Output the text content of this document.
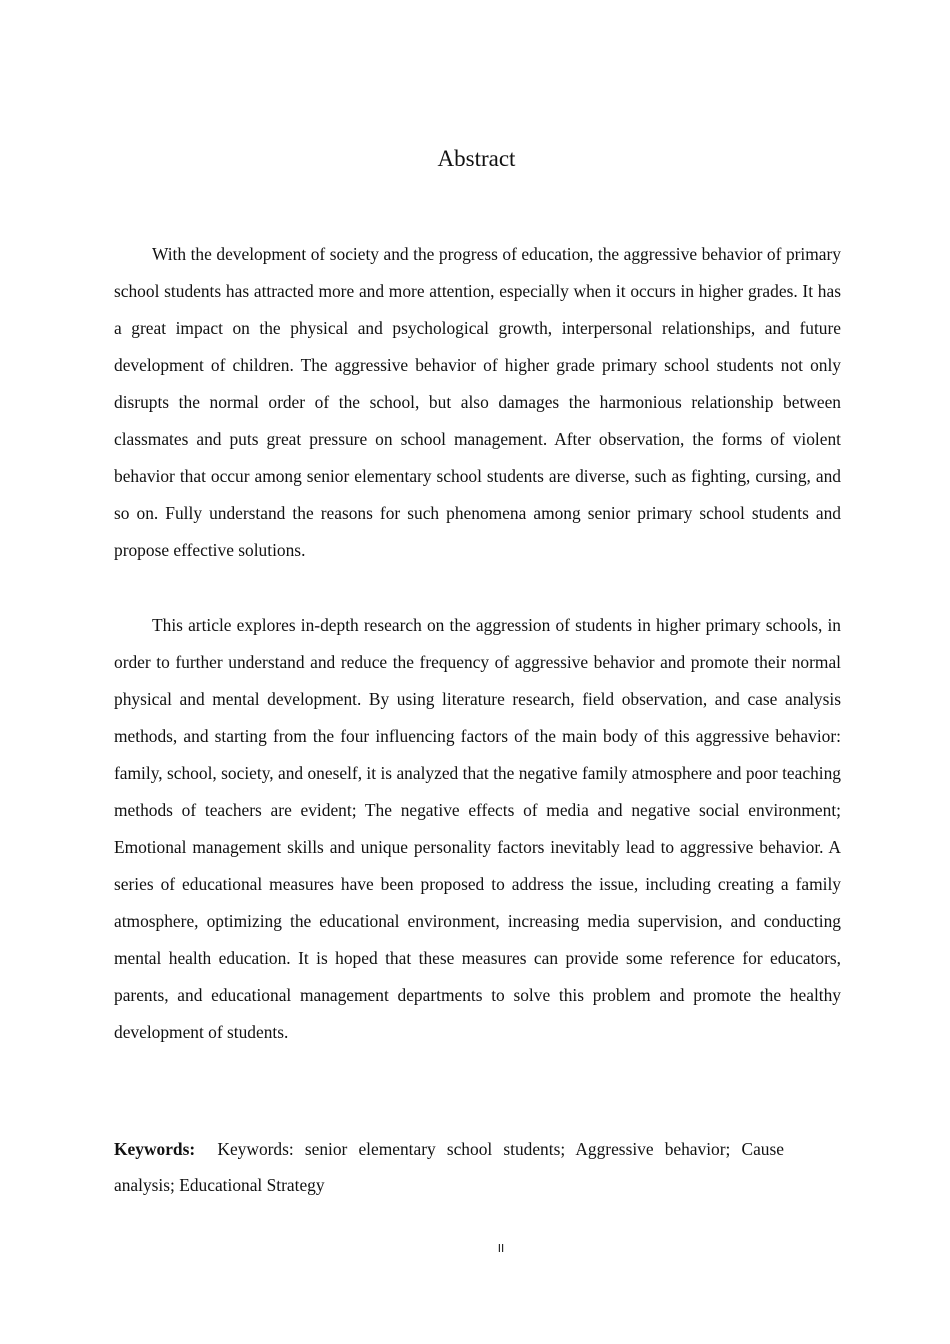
Abstract

With the development of society and the progress of education, the aggressive behavior of primary school students has attracted more and more attention, especially when it occurs in higher grades. It has a great impact on the physical and psychological growth, interpersonal relationships, and future development of children. The aggressive behavior of higher grade primary school students not only disrupts the normal order of the school, but also damages the harmonious relationship between classmates and puts great pressure on school management. After observation, the forms of violent behavior that occur among senior elementary school students are diverse, such as fighting, cursing, and so on. Fully understand the reasons for such phenomena among senior primary school students and propose effective solutions.

This article explores in-depth research on the aggression of students in higher primary schools, in order to further understand and reduce the frequency of aggressive behavior and promote their normal physical and mental development. By using literature research, field observation, and case analysis methods, and starting from the four influencing factors of the main body of this aggressive behavior: family, school, society, and oneself, it is analyzed that the negative family atmosphere and poor teaching methods of teachers are evident; The negative effects of media and negative social environment; Emotional management skills and unique personality factors inevitably lead to aggressive behavior. A series of educational measures have been proposed to address the issue, including creating a family atmosphere, optimizing the educational environment, increasing media supervision, and conducting mental health education. It is hoped that these measures can provide some reference for educators, parents, and educational management departments to solve this problem and promote the healthy development of students.

Keywords: Keywords: senior elementary school students; Aggressive behavior; Cause analysis; Educational Strategy

II
